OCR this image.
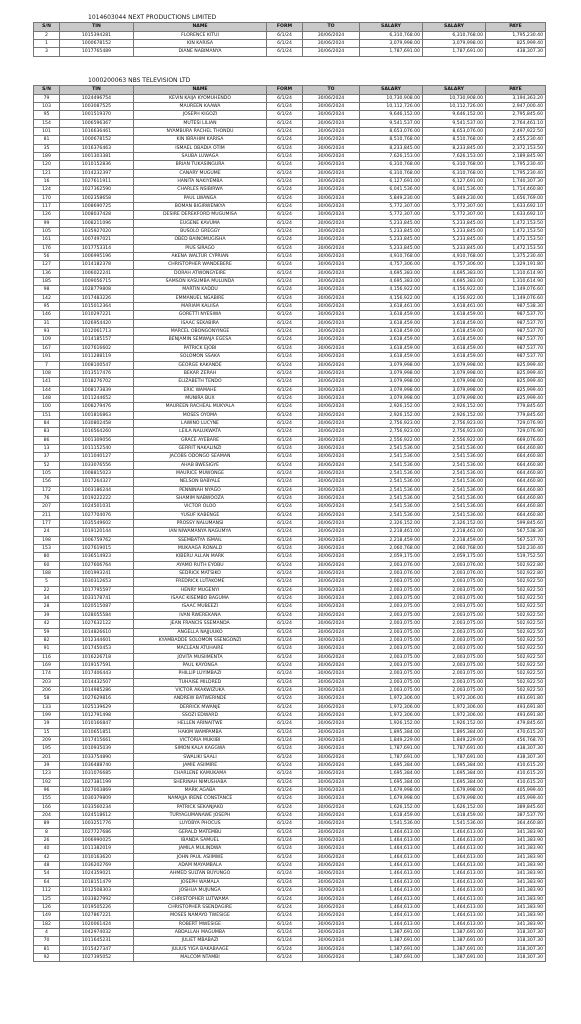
1014603044 NEXT PRODUCTIONS LIMITED
S/N	TIN	NAME	FORM	TO	SALARY	SALARY	PAYE
2	1015394281	FLORENCE KITUI	6/1/24	30/06/2024	6,310,768.00	6,310,768.00	1,795,230.40
1	1000678152	KIN KARISA	6/1/24	30/06/2024	3,079,998.00	3,079,998.00	825,999.40
3	1017765489	DIANE NABIMANYA	6/1/24	30/06/2024	1,787,691.00	1,787,691.00	438,307.30
1000200063 NBS TELEVISION LTD
S/N	TIN	NAME	FORM	TO	SALARY	SALARY	PAYE
79	1024496754	KEVIN KAIJA KYOMUHENDO	6/1/24	30/06/2024	10,730,908.00	10,730,908.00	3,194,363.20
103	1003087525	MAUREEN KAAWA	6/1/24	30/06/2024	10,112,726.00	10,112,726.00	2,947,000.40
95	1001519370	JOSEPH KIGOZI	6/1/24	30/06/2024	9,646,152.00	9,646,152.00	2,795,845.60
154	1006596367	MUTESI LILIAN	6/1/24	30/06/2024	9,541,537.00	9,541,537.00	2,764,461.10
101	1016636461	NYAMBURA RACHEL THONDU	6/1/24	30/06/2024	8,653,076.00	8,653,076.00	2,497,922.50
81	1000678152	KIN IBRAHIM KARISA	6/1/24	30/06/2024	8,510,768.00	8,510,768.00	2,455,230.40
35	1016376463	ISMAEL OBADIA OTIM	6/1/24	30/06/2024	8,233,845.00	8,233,845.00	2,372,153.50
189	1001303381	SAUBA LUWAGA	6/1/24	30/06/2024	7,626,153.00	7,626,153.00	2,189,845.90
120	1010152836	BRIAN TUKASINGURA	6/1/24	30/06/2024	6,310,768.00	6,310,768.00	1,795,230.40
121	1014232397	CANARY MUGUME	6/1/24	30/06/2024	6,310,768.00	6,310,768.00	1,795,230.40
16	1027611911	HANITA NAKIYEMBA	6/1/24	30/06/2024	6,127,691.00	6,127,691.00	1,740,307.30
124	1027362590	CHARLES NSIBIRWA	6/1/24	30/06/2024	6,041,536.00	6,041,536.00	1,714,460.80
170	1002358658	PAUL LWANGA	6/1/24	30/06/2024	5,849,230.00	5,849,230.00	1,656,769.00
117	1008690725	BOMAN BIGIRWENKYA	6/1/24	30/06/2024	5,772,307.00	5,772,307.00	1,633,692.10
126	1008037428	DESIRE DEREKFORD MUGUMISA	6/1/24	30/06/2024	5,772,307.00	5,772,307.00	1,633,692.10
99	1008211096	EUGENE KAVUMA	6/1/24	30/06/2024	5,233,845.00	5,233,845.00	1,472,153.50
105	1035927020	BUSOLO GREGGY	6/1/24	30/06/2024	5,233,845.00	5,233,845.00	1,472,153.50
161	1007497021	OBED BAINOMUGISHA	6/1/24	30/06/2024	5,233,845.00	5,233,845.00	1,472,153.50
176	1017753314	PIUS SIRAGO	6/1/24	30/06/2024	5,233,845.00	5,233,845.00	1,472,153.50
56	1006995196	AKENA WALTUR CYPRIAN	6/1/24	30/06/2024	4,910,768.00	4,910,768.00	1,375,230.40
127	1014182378	CHRISTOPHER WANDEBERE	6/1/24	30/06/2024	4,757,306.00	4,757,306.00	1,329,191.80
136	1006022241	DORAH ATWONGYEIRE	6/1/24	30/06/2024	4,695,383.00	4,695,383.00	1,310,614.90
185	1009056715	SAMSON KASUMBA MULUNDA	6/1/24	30/06/2024	4,695,383.00	4,695,383.00	1,310,614.90
98	1028779808	MARTIN KADDU	6/1/24	30/06/2024	4,156,922.00	4,156,922.00	1,149,076.60
142	1017483226	EMMANUEL NGABIRE	6/1/24	30/06/2024	4,156,922.00	4,156,922.00	1,149,076.60
95	1015012364	MARIAM KALIISA	6/1/24	30/06/2024	3,618,461.00	3,618,461.00	987,538.30
146	1010297221	GORETTI NYESIWA	6/1/24	30/06/2024	3,618,459.00	3,618,459.00	987,537.70
31	1026954420	ISAAC SEKABIRA	6/1/24	30/06/2024	3,618,459.00	3,618,459.00	987,537.70
93	1012061713	MARCEL OBONGONYINGE	6/1/24	30/06/2024	3,618,459.00	3,618,459.00	987,537.70
109	1014185157	BENJAMIN SEMWAJA EGESA	6/1/24	30/06/2024	3,618,459.00	3,618,459.00	987,537.70
167	1027616602	PATRICK EJOBI	6/1/24	30/06/2024	3,618,459.00	3,618,459.00	987,537.70
191	1011288119	SOLOMON SSAKA	6/1/24	30/06/2024	3,618,459.00	3,618,459.00	987,537.70
7	1008100547	GEORGE KAKANDE	6/1/24	30/06/2024	3,079,998.00	3,079,998.00	825,999.40
108	1013517476	BEKAR ZERAH	6/1/24	30/06/2024	3,079,998.00	3,079,998.00	825,999.40
141	1018276702	ELIZABETH TENDO	6/1/24	30/06/2024	3,079,998.00	3,079,998.00	825,999.40
144	1008173839	ERIC WAMAHE	6/1/24	30/06/2024	3,079,998.00	3,079,998.00	825,999.40
148	1011244652	MUNIRA BUX	6/1/24	30/06/2024	3,079,998.00	3,079,998.00	825,999.40
100	1008279476	MAUREEN RACHEAL MUKYALA	6/1/24	30/06/2024	2,926,152.00	2,926,152.00	779,845.60
151	1001816863	MOSES OYOMA	6/1/24	30/06/2024	2,926,152.00	2,926,152.00	779,845.60
84	1030802458	LAWINO LUCYNE	6/1/24	30/06/2024	2,756,923.00	2,756,923.00	729,076.90
83	1016564260	LEILA NALUKWATA	6/1/24	30/06/2024	2,756,923.00	2,756,923.00	729,076.90
86	1001309056	GRACE AYEBARE	6/1/24	30/06/2024	2,556,922.00	2,556,922.00	669,076.60
13	1011152540	GERRIT NAKALINZI	6/1/24	30/06/2024	2,541,536.00	2,541,536.00	664,460.80
37	1011040127	JACOBS ODONGO SEAMAN	6/1/24	30/06/2024	2,541,536.00	2,541,536.00	664,460.80
52	1033076556	AHAB BWESIGYE	6/1/24	30/06/2024	2,541,536.00	2,541,536.00	664,460.80
105	1008815023	MAURICE MUWONGE	6/1/24	30/06/2024	2,541,536.00	2,541,536.00	664,460.80
156	1017264327	NELSON BABYALE	6/1/24	30/06/2024	2,541,536.00	2,541,536.00	664,460.80
172	1003186244	PENNINAH NYAGO	6/1/24	30/06/2024	2,541,536.00	2,541,536.00	664,460.80
76	1019222222	SHAMIM NABWOOZA	6/1/24	30/06/2024	2,541,536.00	2,541,536.00	664,460.80
207	1024501031	VICTOR OLOO	6/1/24	30/06/2024	2,541,536.00	2,541,536.00	664,460.80
211	1027704076	YUSUF KABENGE	6/1/24	30/06/2024	2,541,536.00	2,541,536.00	664,460.80
177	1035549602	PROSSY NALUMANSI	6/1/24	30/06/2024	2,326,152.00	2,326,152.00	599,845.60
24	1019120144	IAN NIWAMANYA NAGUMYA	6/1/24	30/06/2024	2,218,461.00	2,218,461.00	567,538.30
198	1006759762	SSEMBATYA ISMAIL	6/1/24	30/06/2024	2,218,459.00	2,218,459.00	567,537.70
153	1027619015	MUKAAGA RONALD	6/1/24	30/06/2024	2,060,768.00	2,060,768.00	520,230.40
80	1036514923	KIBERU ALLAN MARK	6/1/24	30/06/2024	2,059,175.00	2,059,175.00	519,752.50
60	1027606764	AYAMO RUTH EYOBU	6/1/24	30/06/2024	2,003,076.00	2,003,076.00	502,922.80
188	1001993241	SEDRICK MATSIKO	6/1/24	30/06/2024	2,003,076.00	2,003,076.00	502,922.80
5	1030312653	FREDRICK LUTAKOME	6/1/24	30/06/2024	2,003,075.00	2,003,075.00	502,922.50
22	1017795597	HENRY MUGENYI	6/1/24	30/06/2024	2,003,075.00	2,003,075.00	502,922.50
34	1033178741	ISAAC KISEMBO BAGUMA	6/1/24	30/06/2024	2,003,075.00	2,003,075.00	502,922.50
28	1020515087	ISAAC MUBEEZI	6/1/24	30/06/2024	2,003,075.00	2,003,075.00	502,922.50
39	1028055584	IVAN RWEREKANA	6/1/24	30/06/2024	2,003,075.00	2,003,075.00	502,922.50
42	1027632122	JEAN FRANCIS SSEMANDA	6/1/24	30/06/2024	2,003,075.00	2,003,075.00	502,922.50
59	1014826610	ANGELLA NAJJUUKO	6/1/24	30/06/2024	2,003,075.00	2,003,075.00	502,922.50
82	1012344601	KYAMBADDE SOLOMON SSENGONZI	6/1/24	30/06/2024	2,003,075.00	2,003,075.00	502,922.50
91	1017450453	MACLEAN ATUHAIRE	6/1/24	30/06/2024	2,003,075.00	2,003,075.00	502,922.50
116	1016226718	JOVITA MUSIIMENTA	6/1/24	30/06/2024	2,003,075.00	2,003,075.00	502,922.50
169	1019157591	PAUL KAYONGA	6/1/24	30/06/2024	2,003,075.00	2,003,075.00	502,922.50
174	1017406443	PHILLIP LUYIMBAZI	6/1/24	30/06/2024	2,003,075.00	2,003,075.00	502,922.50
203	1014432507	TUHAISE MILDRED	6/1/24	30/06/2024	2,003,075.00	2,003,075.00	502,922.50
206	1014985286	VICTOR AKAKWIZUKA	6/1/24	30/06/2024	2,003,075.00	2,003,075.00	502,922.50
58	1027629816	ANDREW BATWERINDE	6/1/24	30/06/2024	1,972,306.00	1,972,306.00	493,691.80
133	1025139629	DERRICK MWANJE	6/1/24	30/06/2024	1,972,306.00	1,972,306.00	493,691.80
199	1012791498	SSOZI EDWARD	6/1/24	30/06/2024	1,972,306.00	1,972,306.00	493,691.80
19	1010166847	HELLEN ARINAITWE	6/1/24	30/06/2024	1,926,152.00	1,926,152.00	479,845.60
15	1010651851	HAKIM WAMPAMBA	6/1/24	30/06/2024	1,895,384.00	1,895,384.00	470,615.20
209	1017415661	VICTORIA MUKIIBI	6/1/24	30/06/2024	1,849,229.00	1,849,229.00	456,768.70
195	1010935039	SIMON KALA KAGGWA	6/1/24	30/06/2024	1,787,691.00	1,787,691.00	438,307.30
201	1033754890	SWALIKI SAALI	6/1/24	30/06/2024	1,787,691.00	1,787,691.00	438,307.30
39	1036488740	JAMIE ASIIMIRE	6/1/24	30/06/2024	1,695,384.00	1,695,384.00	410,615.20
123	1031076685	CHARLENE KAMUKAMA	6/1/24	30/06/2024	1,695,384.00	1,695,384.00	410,615.20
192	1027381199	SHERINAH NIMUSHABA	6/1/24	30/06/2024	1,695,384.00	1,695,384.00	410,615.20
96	1027003869	MARK AGABA	6/1/24	30/06/2024	1,679,998.00	1,679,998.00	405,999.40
155	1030379809	NAMAJJA IRENE CONSTANCE	6/1/24	30/06/2024	1,679,998.00	1,679,998.00	405,999.40
166	1033560234	PATRICK SEKANJAKO	6/1/24	30/06/2024	1,626,152.00	1,626,152.00	389,845.60
204	1024518612	TURYAGUMANAWE JOSEPH	6/1/24	30/06/2024	1,618,459.00	1,618,459.00	387,537.70
89	1003251776	LUYOBYA PHOCUS	6/1/24	30/06/2024	1,541,536.00	1,541,536.00	364,460.80
8	1027727686	GERALD MATEMBU	6/1/24	30/06/2024	1,464,613.00	1,464,613.00	341,383.90
26	1006990025	IBANDA SAMUEL	6/1/24	30/06/2024	1,464,613.00	1,464,613.00	341,383.90
40	1011382019	JAMILA MULINDWA	6/1/24	30/06/2024	1,464,613.00	1,464,613.00	341,383.90
42	1010163620	JOHN PAUL ASIIMWE	6/1/24	30/06/2024	1,464,613.00	1,464,613.00	341,383.90
48	1036202769	ADAM MAYAMBALA	6/1/24	30/06/2024	1,464,613.00	1,464,613.00	341,383.90
54	1024359021	AHMED SULTAN BUYUNGO	6/1/24	30/06/2024	1,464,613.00	1,464,613.00	341,383.90
64	1018151479	JOSEPH WAMALA	6/1/24	30/06/2024	1,464,613.00	1,464,613.00	341,383.90
112	1012508303	JOSHUA MUJUNGA	6/1/24	30/06/2024	1,464,613.00	1,464,613.00	341,383.90
125	1033827992	CHRISTOPHER LUTWAMA	6/1/24	30/06/2024	1,464,613.00	1,464,613.00	341,383.90
126	1019505226	CHRISTOPHER SSENDAGIRE	6/1/24	30/06/2024	1,464,613.00	1,464,613.00	341,383.90
149	1027867221	MOSES NAMAYO TWESIGE	6/1/24	30/06/2024	1,464,613.00	1,464,613.00	341,383.90
182	1020061424	ROBERT MWESIGE	6/1/24	30/06/2024	1,464,613.00	1,464,613.00	341,383.90
4	1042974032	ABDALLAH MAGUMBA	6/1/24	30/06/2024	1,387,691.00	1,387,691.00	318,307.30
70	1011645231	JULIET MBABAZI	6/1/24	30/06/2024	1,387,691.00	1,387,691.00	318,307.30
81	1015427347	JULIUS YIGA BAKABAAGE	6/1/24	30/06/2024	1,387,691.00	1,387,691.00	318,307.30
92	1027395052	MALCOM NTAMBI	6/1/24	30/06/2024	1,387,691.00	1,387,691.00	318,307.30
